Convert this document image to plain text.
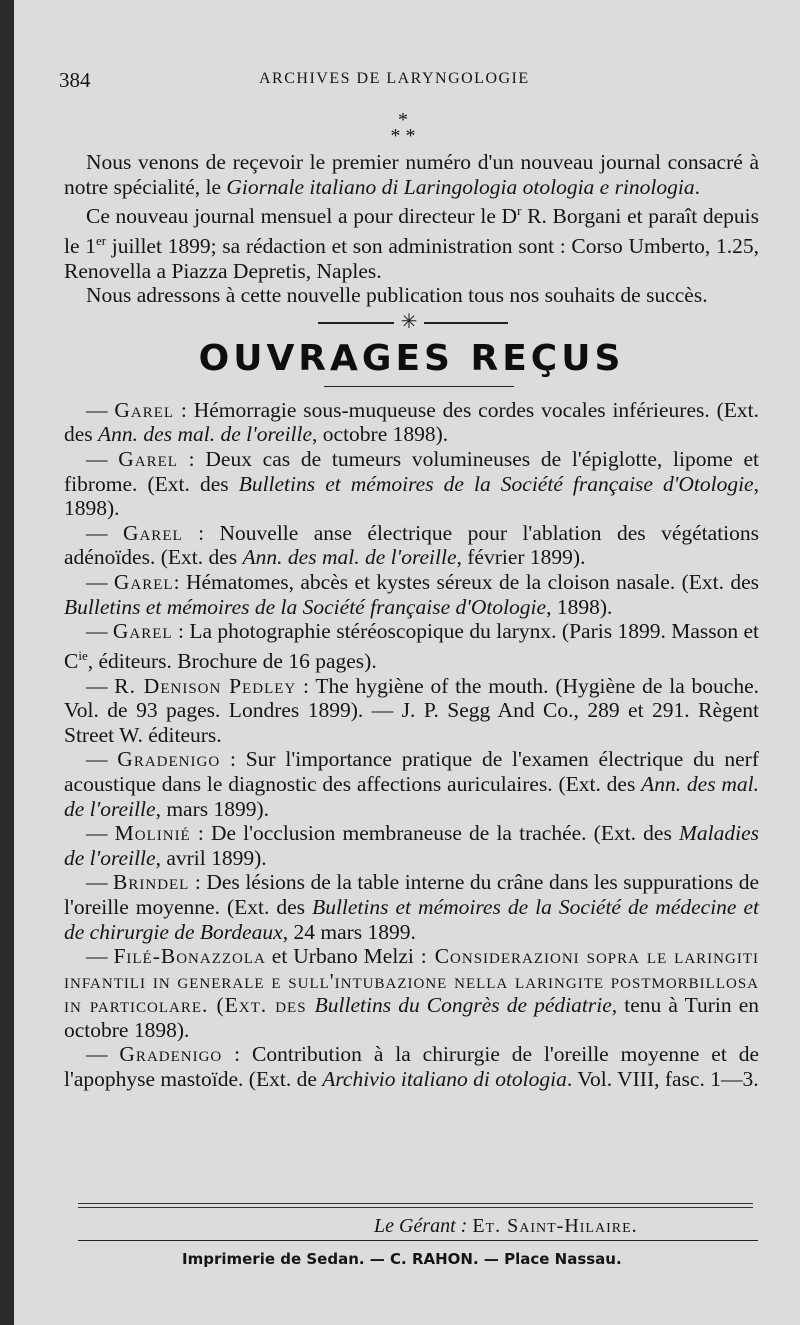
384	ARCHIVES DE LARYNGOLOGIE
*
* *

Nous venons de reçevoir le premier numéro d'un nouveau journal consacré à notre spécialité, le Giornale italiano di Laringologia otologia e rinologia.

Ce nouveau journal mensuel a pour directeur le $D^r$ R. Borgani et paraît depuis le 1er juillet 1899; sa rédaction et son administration sont : Corso Umberto, 1.25, Renovella a Piazza Depretis, Naples.

Nous adressons à cette nouvelle publication tous nos souhaits de succès.

✳
OUVRAGES REÇUS

— Garel : Hémorragie sous-muqueuse des cordes vocales inférieures. (Ext. des Ann. des mal. de l'oreille, octobre 1898).

— Garel : Deux cas de tumeurs volumineuses de l'épiglotte, lipome et fibrome. (Ext. des Bulletins et mémoires de la Société française d'Otologie, 1898).

— Garel : Nouvelle anse électrique pour l'ablation des végétations adénoïdes. (Ext. des Ann. des mal. de l'oreille, février 1899).

— Garel: Hématomes, abcès et kystes séreux de la cloison nasale. (Ext. des Bulletins et mémoires de la Société française d'Otologie, 1898).

— Garel : La photographie stéréoscopique du larynx. (Paris 1899. Masson et $C^{ie}$, éditeurs. Brochure de 16 pages).

— R. Denison Pedley : The hygiène of the mouth. (Hygiène de la bouche. Vol. de 93 pages. Londres 1899). — J. P. Segg And Co., 289 et 291. Règent Street W. éditeurs.

— Gradenigo : Sur l'importance pratique de l'examen électrique du nerf acoustique dans le diagnostic des affections auriculaires. (Ext. des Ann. des mal. de l'oreille, mars 1899).

— Molinié : De l'occlusion membraneuse de la trachée. (Ext. des Maladies de l'oreille, avril 1899).

— Brindel : Des lésions de la table interne du crâne dans les suppurations de l'oreille moyenne. (Ext. des Bulletins et mémoires de la Société de médecine et de chirurgie de Bordeaux, 24 mars 1899.

— Filé-Bonazzola et Urbano Melzi : Considerazioni sopra le laringiti infantili in generale e sull'intubazione nella laringite postmorbillosa in particolare. (Ext. des Bulletins du Congrès de pédiatrie, tenu à Turin en octobre 1898).

— Gradenigo : Contribution à la chirurgie de l'oreille moyenne et de l'apophyse mastoïde. (Ext. de Archivio italiano di otologia. Vol. VIII, fasc. 1—3.

Le Gérant : Et. Saint-Hilaire.
Imprimerie de Sedan. — C. RAHON. — Place Nassau.
